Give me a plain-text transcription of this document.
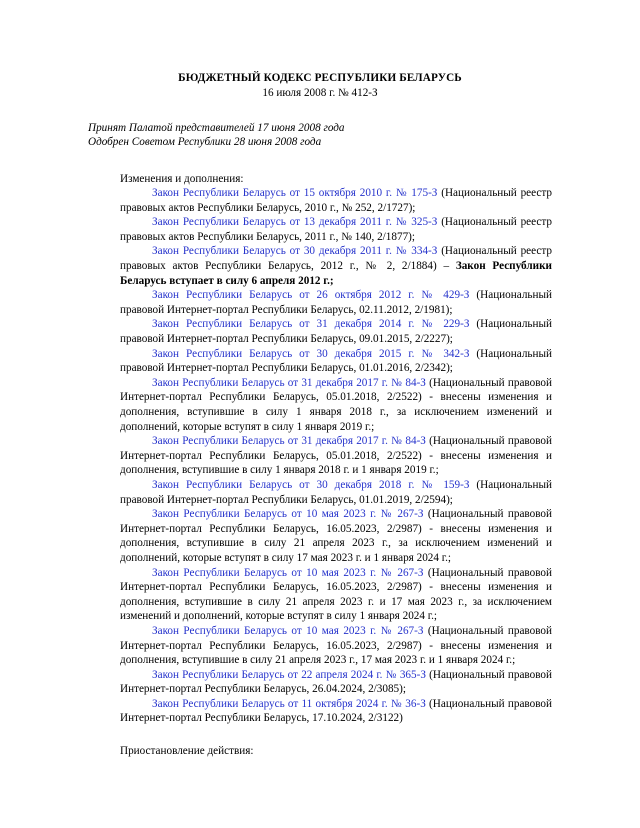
БЮДЖЕТНЫЙ КОДЕКС РЕСПУБЛИКИ БЕЛАРУСЬ
16 июля 2008 г. № 412-З

Принят Палатой представителей 17 июня 2008 года

Одобрен Советом Республики 28 июня 2008 года

Изменения и дополнения:

Закон Республики Беларусь от 15 октября 2010 г. № 175-З (Национальный реестр правовых актов Республики Беларусь, 2010 г., № 252, 2/1727);

Закон Республики Беларусь от 13 декабря 2011 г. № 325-З (Национальный реестр правовых актов Республики Беларусь, 2011 г., № 140, 2/1877);

Закон Республики Беларусь от 30 декабря 2011 г. № 334-З (Национальный реестр правовых актов Республики Беларусь, 2012 г., № 2, 2/1884) – Закон Республики Беларусь вступает в силу 6 апреля 2012 г.;

Закон Республики Беларусь от 26 октября 2012 г. № 429-З (Национальный правовой Интернет-портал Республики Беларусь, 02.11.2012, 2/1981);

Закон Республики Беларусь от 31 декабря 2014 г. № 229-З (Национальный правовой Интернет-портал Республики Беларусь, 09.01.2015, 2/2227);

Закон Республики Беларусь от 30 декабря 2015 г. № 342-З (Национальный правовой Интернет-портал Республики Беларусь, 01.01.2016, 2/2342);

Закон Республики Беларусь от 31 декабря 2017 г. № 84-З (Национальный правовой Интернет-портал Республики Беларусь, 05.01.2018, 2/2522) - внесены изменения и дополнения, вступившие в силу 1 января 2018 г., за исключением изменений и дополнений, которые вступят в силу 1 января 2019 г.;

Закон Республики Беларусь от 31 декабря 2017 г. № 84-З (Национальный правовой Интернет-портал Республики Беларусь, 05.01.2018, 2/2522) - внесены изменения и дополнения, вступившие в силу 1 января 2018 г. и 1 января 2019 г.;

Закон Республики Беларусь от 30 декабря 2018 г. № 159-З (Национальный правовой Интернет-портал Республики Беларусь, 01.01.2019, 2/2594);

Закон Республики Беларусь от 10 мая 2023 г. № 267-З (Национальный правовой Интернет-портал Республики Беларусь, 16.05.2023, 2/2987) - внесены изменения и дополнения, вступившие в силу 21 апреля 2023 г., за исключением изменений и дополнений, которые вступят в силу 17 мая 2023 г. и 1 января 2024 г.;

Закон Республики Беларусь от 10 мая 2023 г. № 267-З (Национальный правовой Интернет-портал Республики Беларусь, 16.05.2023, 2/2987) - внесены изменения и дополнения, вступившие в силу 21 апреля 2023 г. и 17 мая 2023 г., за исключением изменений и дополнений, которые вступят в силу 1 января 2024 г.;

Закон Республики Беларусь от 10 мая 2023 г. № 267-З (Национальный правовой Интернет-портал Республики Беларусь, 16.05.2023, 2/2987) - внесены изменения и дополнения, вступившие в силу 21 апреля 2023 г., 17 мая 2023 г. и 1 января 2024 г.;

Закон Республики Беларусь от 22 апреля 2024 г. № 365-З (Национальный правовой Интернет-портал Республики Беларусь, 26.04.2024, 2/3085);

Закон Республики Беларусь от 11 октября 2024 г. № 36-З (Национальный правовой Интернет-портал Республики Беларусь, 17.10.2024, 2/3122)

Приостановление действия:
